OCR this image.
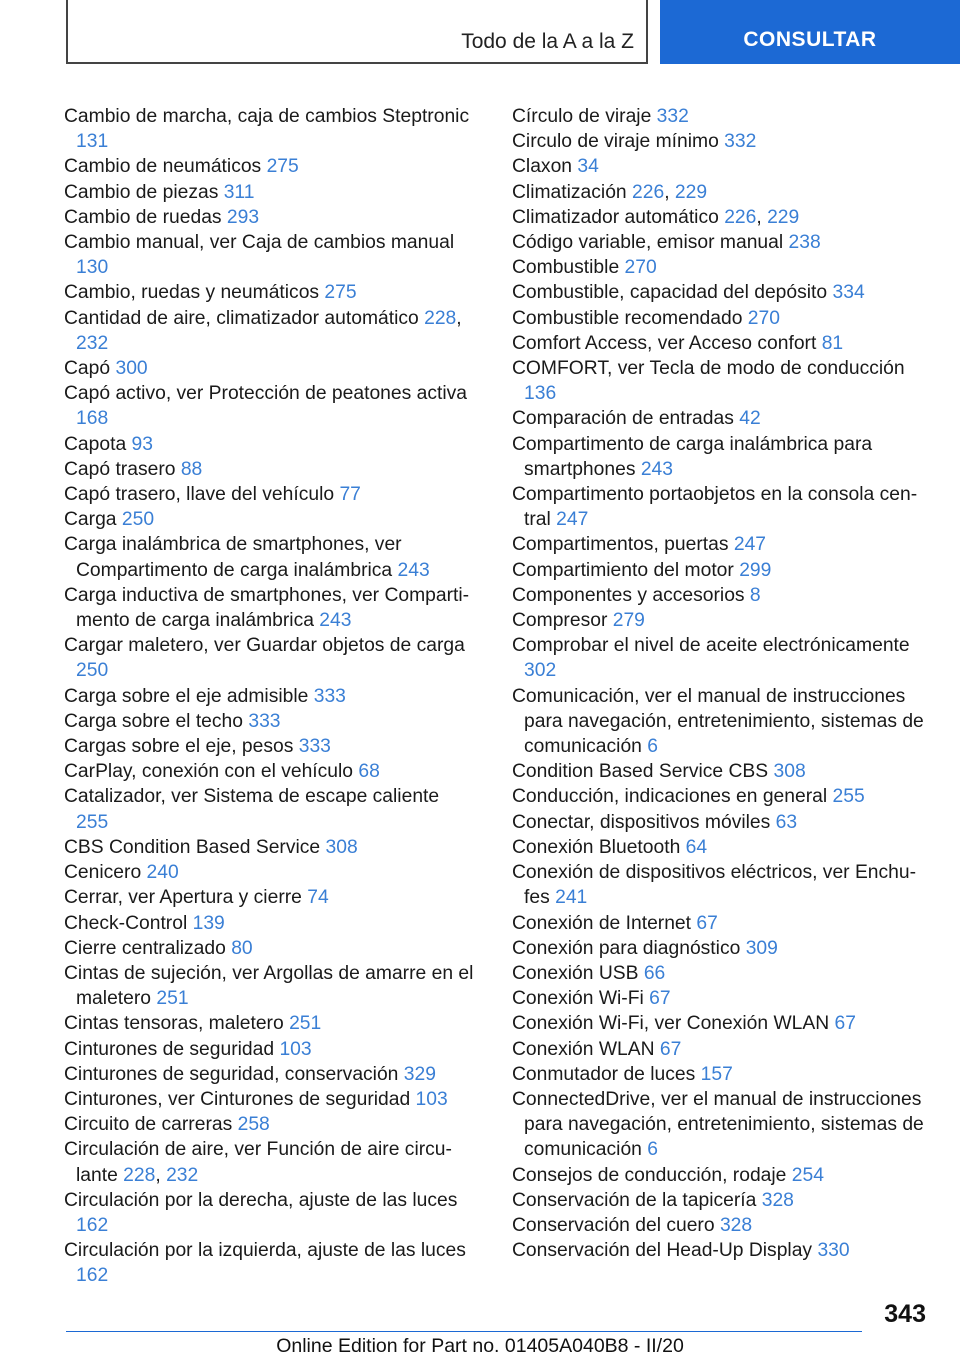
Todo de la A a la Z	CONSULTAR
Cambio de marcha, caja de cambios Steptronic 131
Cambio de neumáticos 275
Cambio de piezas 311
Cambio de ruedas 293
Cambio manual, ver Caja de cambios manual 130
Cambio, ruedas y neumáticos 275
Cantidad de aire, climatizador automático 228, 232
Capó 300
Capó activo, ver Protección de peatones activa 168
Capota 93
Capó trasero 88
Capó trasero, llave del vehículo 77
Carga 250
Carga inalámbrica de smartphones, ver Compartimento de carga inalámbrica 243
Carga inductiva de smartphones, ver Compartimento de carga inalámbrica 243
Cargar maletero, ver Guardar objetos de carga 250
Carga sobre el eje admisible 333
Carga sobre el techo 333
Cargas sobre el eje, pesos 333
CarPlay, conexión con el vehículo 68
Catalizador, ver Sistema de escape caliente 255
CBS Condition Based Service 308
Cenicero 240
Cerrar, ver Apertura y cierre 74
Check-Control 139
Cierre centralizado 80
Cintas de sujeción, ver Argollas de amarre en el maletero 251
Cintas tensoras, maletero 251
Cinturones de seguridad 103
Cinturones de seguridad, conservación 329
Cinturones, ver Cinturones de seguridad 103
Circuito de carreras 258
Circulación de aire, ver Función de aire circulante 228, 232
Circulación por la derecha, ajuste de las luces 162
Circulación por la izquierda, ajuste de las luces 162
Círculo de viraje 332
Circulo de viraje mínimo 332
Claxon 34
Climatización 226, 229
Climatizador automático 226, 229
Código variable, emisor manual 238
Combustible 270
Combustible, capacidad del depósito 334
Combustible recomendado 270
Comfort Access, ver Acceso confort 81
COMFORT, ver Tecla de modo de conducción 136
Comparación de entradas 42
Compartimento de carga inalámbrica para smartphones 243
Compartimento portaobjetos en la consola central 247
Compartimentos, puertas 247
Compartimiento del motor 299
Componentes y accesorios 8
Compresor 279
Comprobar el nivel de aceite electrónicamente 302
Comunicación, ver el manual de instrucciones para navegación, entretenimiento, sistemas de comunicación 6
Condition Based Service CBS 308
Conducción, indicaciones en general 255
Conectar, dispositivos móviles 63
Conexión Bluetooth 64
Conexión de dispositivos eléctricos, ver Enchufes 241
Conexión de Internet 67
Conexión para diagnóstico 309
Conexión USB 66
Conexión Wi-Fi 67
Conexión Wi-Fi, ver Conexión WLAN 67
Conexión WLAN 67
Conmutador de luces 157
ConnectedDrive, ver el manual de instrucciones para navegación, entretenimiento, sistemas de comunicación 6
Consejos de conducción, rodaje 254
Conservación de la tapicería 328
Conservación del cuero 328
Conservación del Head-Up Display 330
343
Online Edition for Part no. 01405A040B8 - II/20
